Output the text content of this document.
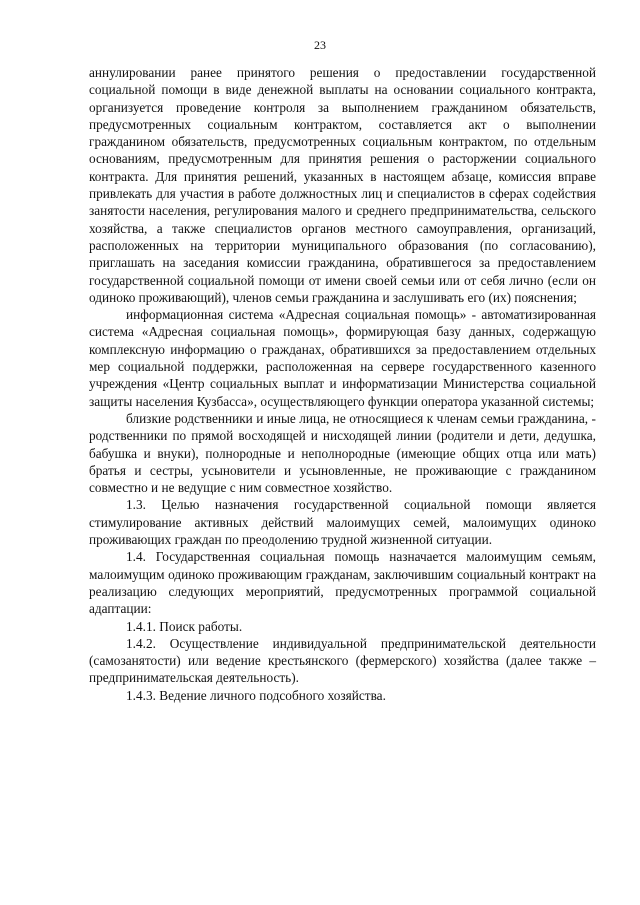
23

аннулировании ранее принятого решения о предоставлении государственной социальной помощи в виде денежной выплаты на основании социального контракта, организуется проведение контроля за выполнением гражданином обязательств, предусмотренных социальным контрактом, составляется акт о выполнении гражданином обязательств, предусмотренных социальным контрактом, по отдельным основаниям, предусмотренным для принятия решения о расторжении социального контракта. Для принятия решений, указанных в настоящем абзаце, комиссия вправе привлекать для участия в работе должностных лиц и специалистов в сферах содействия занятости населения, регулирования малого и среднего предпринимательства, сельского хозяйства, а также специалистов органов местного самоуправления, организаций, расположенных на территории муниципального образования (по согласованию), приглашать на заседания комиссии гражданина, обратившегося за предоставлением государственной социальной помощи от имени своей семьи или от себя лично (если он одиноко проживающий), членов семьи гражданина и заслушивать его (их) пояснения;

информационная система «Адресная социальная помощь» - автоматизированная система «Адресная социальная помощь», формирующая базу данных, содержащую комплексную информацию о гражданах, обратившихся за предоставлением отдельных мер социальной поддержки, расположенная на сервере государственного казенного учреждения «Центр социальных выплат и информатизации Министерства социальной защиты населения Кузбасса», осуществляющего функции оператора указанной системы;

близкие родственники и иные лица, не относящиеся к членам семьи гражданина, - родственники по прямой восходящей и нисходящей линии (родители и дети, дедушка, бабушка и внуки), полнородные и неполнородные (имеющие общих отца или мать) братья и сестры, усыновители и усыновленные, не проживающие с гражданином совместно и не ведущие с ним совместное хозяйство.

1.3. Целью назначения государственной социальной помощи является стимулирование активных действий малоимущих семей, малоимущих одиноко проживающих граждан по преодолению трудной жизненной ситуации.

1.4. Государственная социальная помощь назначается малоимущим семьям, малоимущим одиноко проживающим гражданам, заключившим социальный контракт на реализацию следующих мероприятий, предусмотренных программой социальной адаптации:

1.4.1. Поиск работы.

1.4.2. Осуществление индивидуальной предпринимательской деятельности (самозанятости) или ведение крестьянского (фермерского) хозяйства (далее также – предпринимательская деятельность).

1.4.3. Ведение личного подсобного хозяйства.
